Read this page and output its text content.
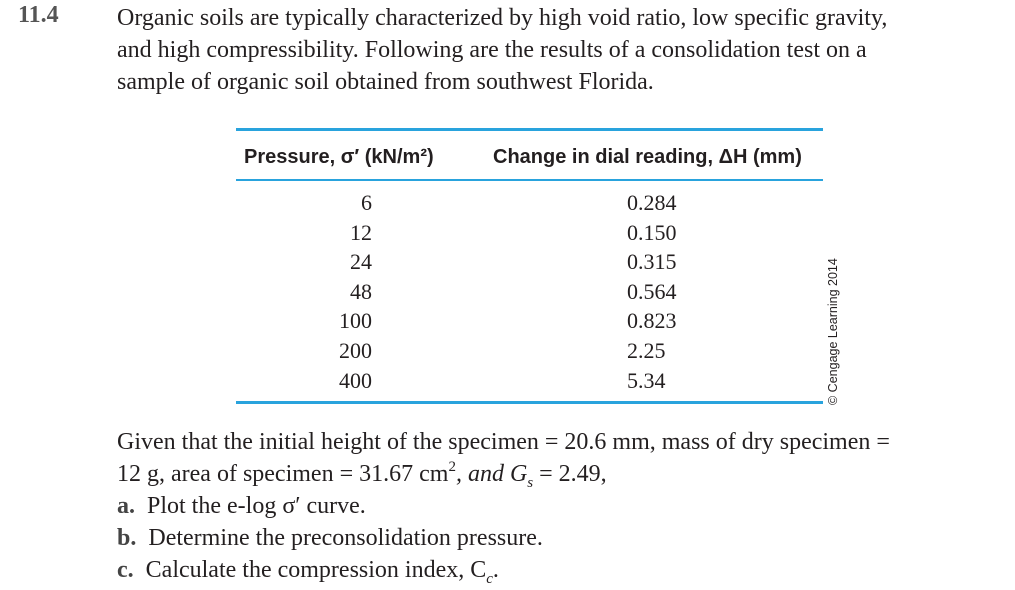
11.4 Organic soils are typically characterized by high void ratio, low specific gravity,
and high compressibility. Following are the results of a consolidation test on a
sample of organic soil obtained from southwest Florida.
Pressure, σ′ (kN/m²)	Change in dial reading, ΔH (mm)
6
12
24
48
100
200
400
0.284
0.150
0.315
0.564
0.823
2.25
5.34	© Cengage Learning 2014
Given that the initial height of the specimen = 20.6 mm, mass of dry specimen =
12 g, area of specimen = 31.67 $cm^2$, and $G_s = 2.49$,
a. Plot the e-log σ′ curve.
b. Determine the preconsolidation pressure.
c. Calculate the compression index, $C_c$.
